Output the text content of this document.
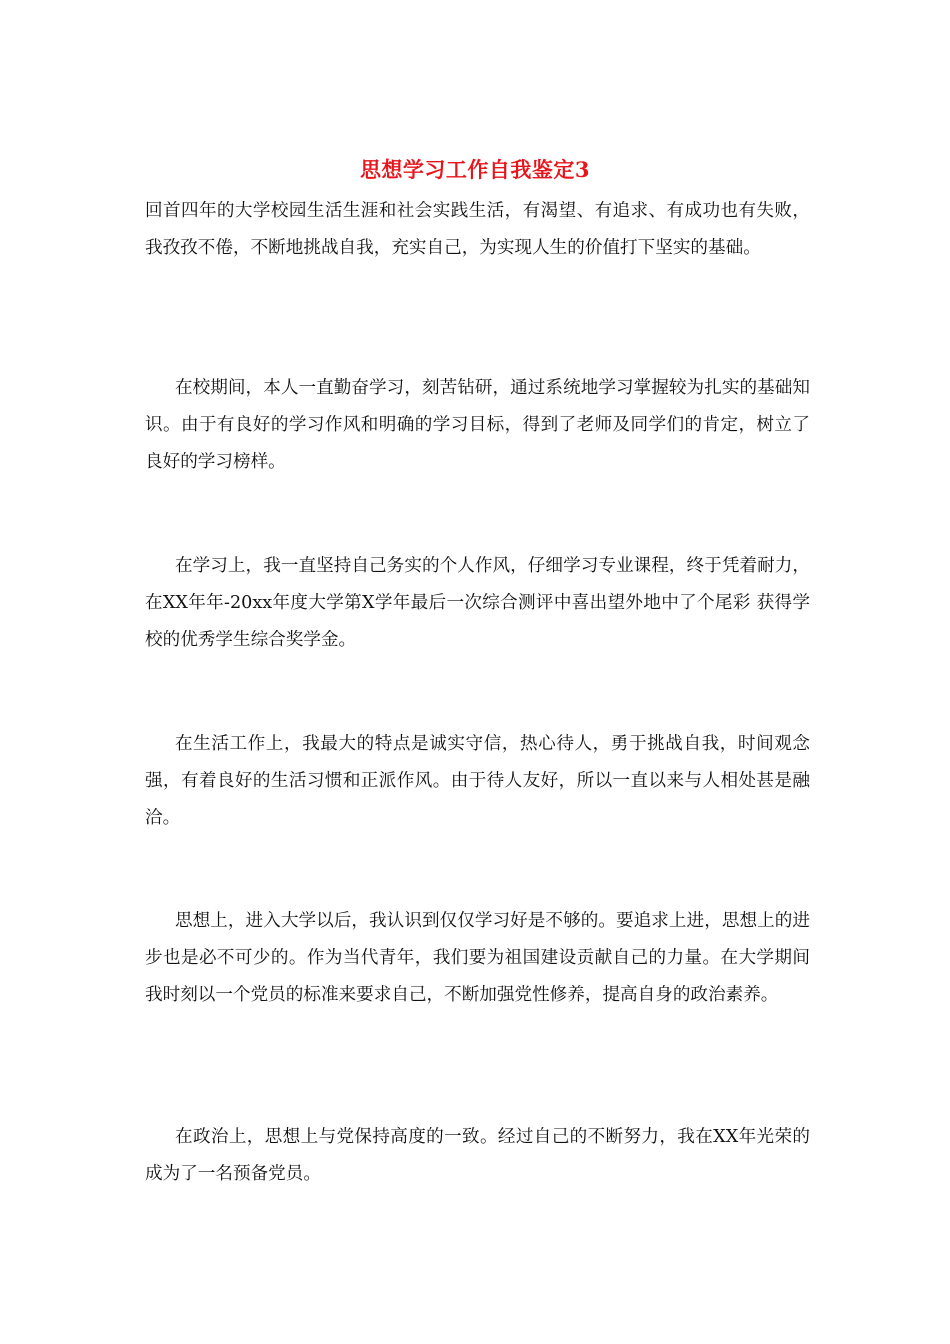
思想学习工作自我鉴定3

回首四年的大学校园生活生涯和社会实践生活，有渴望、有追求、有成功也有失败，我孜孜不倦，不断地挑战自我，充实自己，为实现人生的价值打下坚实的基础。

在校期间，本人一直勤奋学习，刻苦钻研，通过系统地学习掌握较为扎实的基础知识。由于有良好的学习作风和明确的学习目标，得到了老师及同学们的肯定，树立了良好的学习榜样。

在学习上，我一直坚持自己务实的个人作风，仔细学习专业课程，终于凭着耐力，在XX年年-20xx年度大学第X学年最后一次综合测评中喜出望外地中了个尾彩 获得学校的优秀学生综合奖学金。

在生活工作上，我最大的特点是诚实守信，热心待人，勇于挑战自我，时间观念强，有着良好的生活习惯和正派作风。由于待人友好，所以一直以来与人相处甚是融洽。

思想上，进入大学以后，我认识到仅仅学习好是不够的。要追求上进，思想上的进步也是必不可少的。作为当代青年，我们要为祖国建设贡献自己的力量。在大学期间我时刻以一个党员的标准来要求自己，不断加强党性修养，提高自身的政治素养。

在政治上，思想上与党保持高度的一致。经过自己的不断努力，我在XX年光荣的成为了一名预备党员。
